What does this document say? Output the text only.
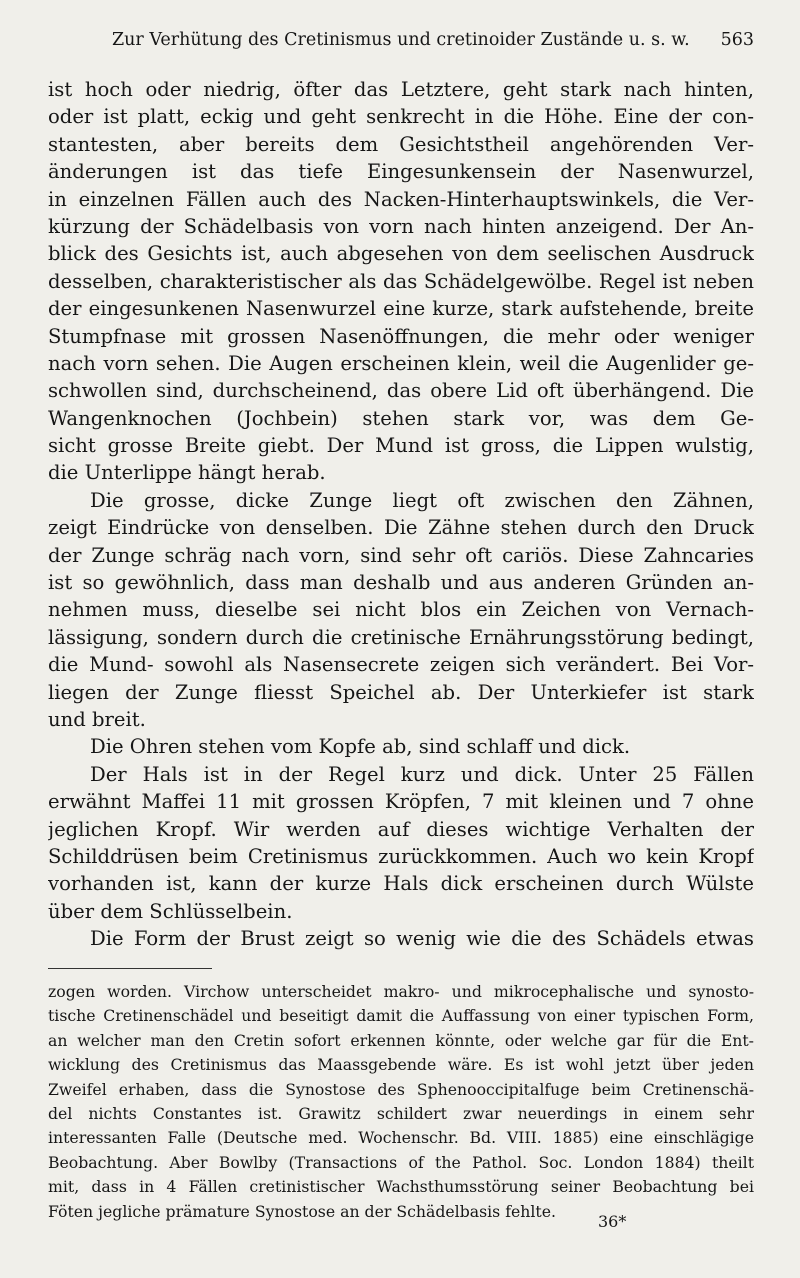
Zur Verhütung des Cretinismus und cretinoider Zustände u. s. w. 563
ist hoch oder niedrig, öfter das Letztere, geht stark nach hinten,
oder ist platt, eckig und geht senkrecht in die Höhe. Eine der con-
stantesten, aber bereits dem Gesichtstheil angehörenden Ver-
änderungen ist das tiefe Eingesunkensein der Nasenwurzel,
in einzelnen Fällen auch des Nacken-Hinterhauptswinkels, die Ver-
kürzung der Schädelbasis von vorn nach hinten anzeigend. Der An-
blick des Gesichts ist, auch abgesehen von dem seelischen Ausdruck
desselben, charakteristischer als das Schädelgewölbe. Regel ist neben
der eingesunkenen Nasenwurzel eine kurze, stark aufstehende, breite
Stumpfnase mit grossen Nasenöffnungen, die mehr oder weniger
nach vorn sehen. Die Augen erscheinen klein, weil die Augenlider ge-
schwollen sind, durchscheinend, das obere Lid oft überhängend. Die
Wangenknochen (Jochbein) stehen stark vor, was dem Ge-
sicht grosse Breite giebt. Der Mund ist gross, die Lippen wulstig,
die Unterlippe hängt herab.
Die grosse, dicke Zunge liegt oft zwischen den Zähnen,
zeigt Eindrücke von denselben. Die Zähne stehen durch den Druck
der Zunge schräg nach vorn, sind sehr oft cariös. Diese Zahncaries
ist so gewöhnlich, dass man deshalb und aus anderen Gründen an-
nehmen muss, dieselbe sei nicht blos ein Zeichen von Vernach-
lässigung, sondern durch die cretinische Ernährungsstörung bedingt,
die Mund- sowohl als Nasensecrete zeigen sich verändert. Bei Vor-
liegen der Zunge fliesst Speichel ab. Der Unterkiefer ist stark
und breit.
Die Ohren stehen vom Kopfe ab, sind schlaff und dick.
Der Hals ist in der Regel kurz und dick. Unter 25 Fällen
erwähnt Maffei 11 mit grossen Kröpfen, 7 mit kleinen und 7 ohne
jeglichen Kropf. Wir werden auf dieses wichtige Verhalten der
Schilddrüsen beim Cretinismus zurückkommen. Auch wo kein Kropf
vorhanden ist, kann der kurze Hals dick erscheinen durch Wülste
über dem Schlüsselbein.
Die Form der Brust zeigt so wenig wie die des Schädels etwas
zogen worden. Virchow unterscheidet makro- und mikrocephalische und synosto-
tische Cretinenschädel und beseitigt damit die Auffassung von einer typischen Form,
an welcher man den Cretin sofort erkennen könnte, oder welche gar für die Ent-
wicklung des Cretinismus das Maassgebende wäre. Es ist wohl jetzt über jeden
Zweifel erhaben, dass die Synostose des Sphenooccipitalfuge beim Cretinenschä-
del nichts Constantes ist. Grawitz schildert zwar neuerdings in einem sehr
interessanten Falle (Deutsche med. Wochenschr. Bd. VIII. 1885) eine einschlägige
Beobachtung. Aber Bowlby (Transactions of the Pathol. Soc. London 1884) theilt
mit, dass in 4 Fällen cretinistischer Wachsthumsstörung seiner Beobachtung bei
Föten jegliche prämature Synostose an der Schädelbasis fehlte.
36*
